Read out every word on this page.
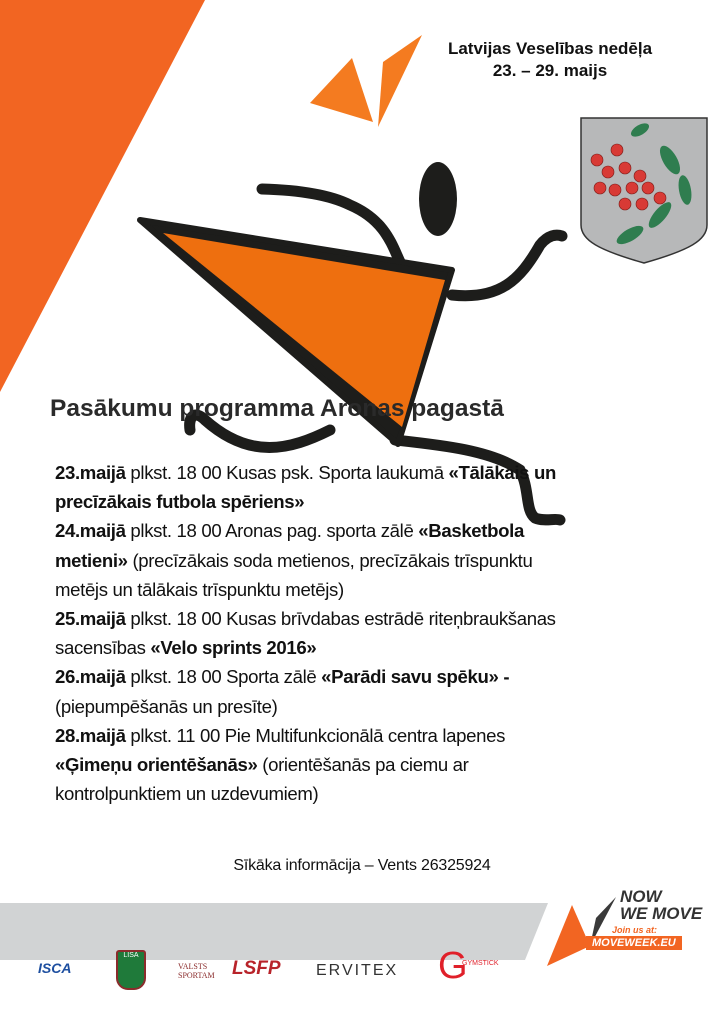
Latvijas Veselības nedēļa
23. – 29. maijs
Pasākumu programma Aronas pagastā
23.maijā plkst. 18 00 Kusas psk. Sporta laukumā «Tālākais un
precīzākais futbola spēriens»
24.maijā plkst. 18 00 Aronas pag. sporta zālē «Basketbola
metieni» (precīzākais soda metienos, precīzākais trīspunktu
metējs un tālākais trīspunktu metējs)
25.maijā plkst. 18 00 Kusas brīvdabas estrādē riteņbraukšanas
sacensības «Velo sprints 2016»
26.maijā plkst. 18 00 Sporta zālē «Parādi savu spēku» -
(piepumpēšanās un presīte)
28.maijā plkst. 11 00 Pie Multifunkcionālā centra lapenes
«Ģimeņu orientēšanās» (orientēšanās pa ciemu ar
kontrolpunktiem un uzdevumiem)
Sīkāka informācija – Vents 26325924
NOW
WE MOVE
Join us at:
MOVEWEEK.EU
ISCA
LISA
VALSTS SPORTAM LSFP ERVITEX G
GYMSTICK
